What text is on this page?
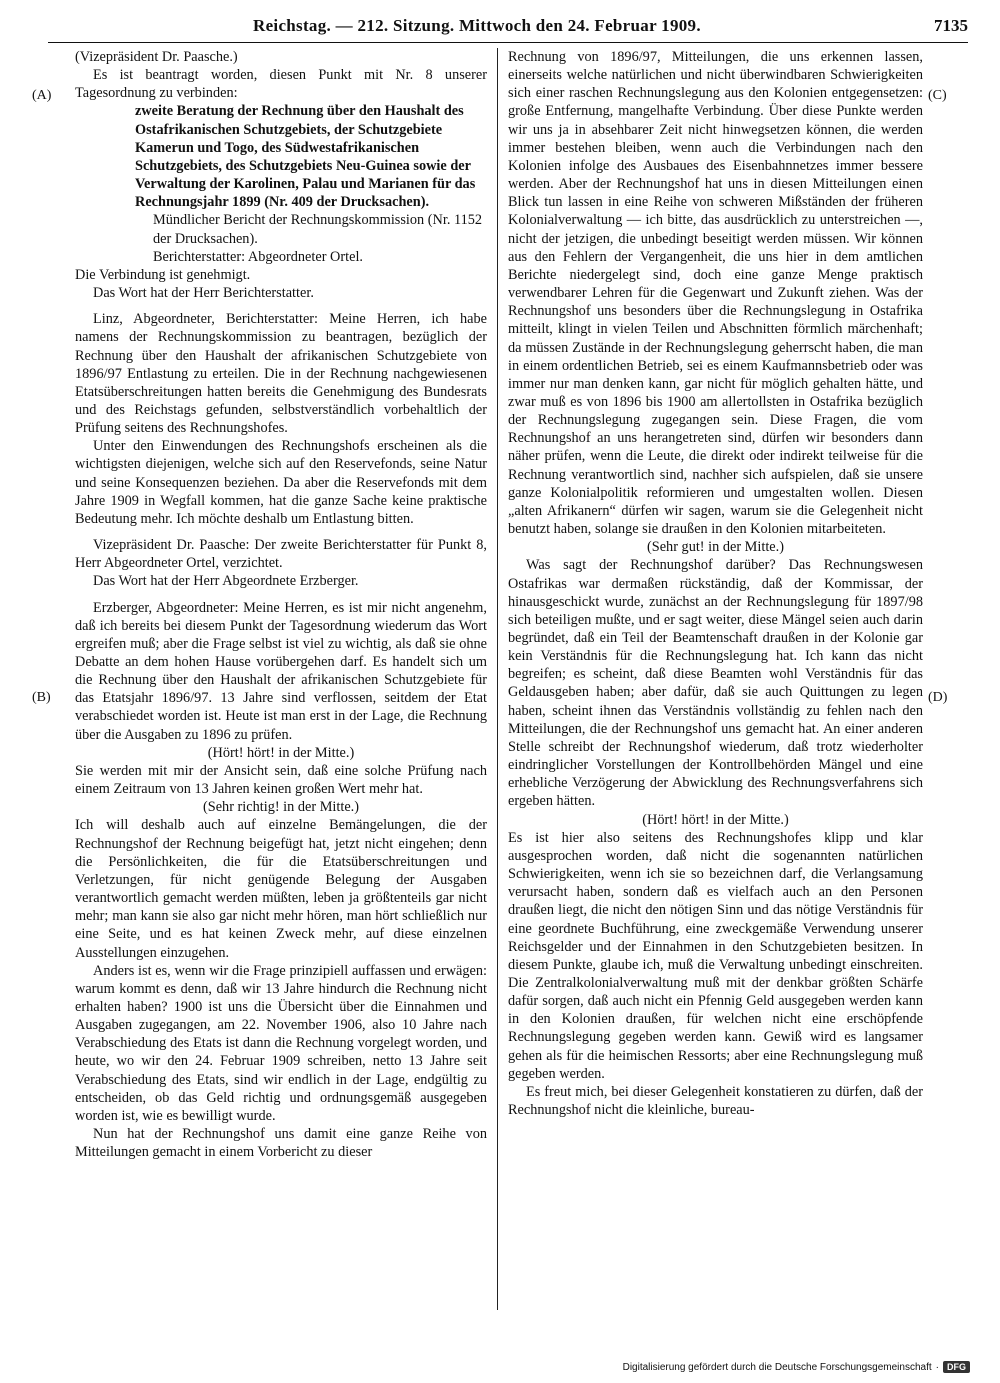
Reichstag. — 212. Sitzung. Mittwoch den 24. Februar 1909.	7135
(A)
(B)
(C)
(D)

(Vizepräsident Dr. Paasche.)

Es ist beantragt worden, diesen Punkt mit Nr. 8 unserer Tagesordnung zu verbinden:

zweite Beratung der Rechnung über den Haushalt des Ostafrikanischen Schutzgebiets, der Schutzgebiete Kamerun und Togo, des Südwestafrikanischen Schutzgebiets, des Schutzgebiets Neu-Guinea sowie der Verwaltung der Karolinen, Palau und Marianen für das Rechnungsjahr 1899 (Nr. 409 der Drucksachen).

Mündlicher Bericht der Rechnungskommission (Nr. 1152 der Drucksachen).

Berichterstatter: Abgeordneter Ortel.

Die Verbindung ist genehmigt.

Das Wort hat der Herr Berichterstatter.

Linz, Abgeordneter, Berichterstatter: Meine Herren, ich habe namens der Rechnungskommission zu beantragen, bezüglich der Rechnung über den Haushalt der afrikanischen Schutzgebiete von 1896/97 Entlastung zu erteilen. Die in der Rechnung nachgewiesenen Etatsüberschreitungen hatten bereits die Genehmigung des Bundesrats und des Reichstags gefunden, selbstverständlich vorbehaltlich der Prüfung seitens des Rechnungshofes.

Unter den Einwendungen des Rechnungshofs erscheinen als die wichtigsten diejenigen, welche sich auf den Reservefonds, seine Natur und seine Konsequenzen beziehen. Da aber die Reservefonds mit dem Jahre 1909 in Wegfall kommen, hat die ganze Sache keine praktische Bedeutung mehr. Ich möchte deshalb um Entlastung bitten.

Vizepräsident Dr. Paasche: Der zweite Berichterstatter für Punkt 8, Herr Abgeordneter Ortel, verzichtet.

Das Wort hat der Herr Abgeordnete Erzberger.

Erzberger, Abgeordneter: Meine Herren, es ist mir nicht angenehm, daß ich bereits bei diesem Punkt der Tagesordnung wiederum das Wort ergreifen muß; aber die Frage selbst ist viel zu wichtig, als daß sie ohne Debatte an dem hohen Hause vorübergehen darf. Es handelt sich um die Rechnung über den Haushalt der afrikanischen Schutzgebiete für das Etatsjahr 1896/97. 13 Jahre sind verflossen, seitdem der Etat verabschiedet worden ist. Heute ist man erst in der Lage, die Rechnung über die Ausgaben zu 1896 zu prüfen.

(Hört! hört! in der Mitte.)

Sie werden mit mir der Ansicht sein, daß eine solche Prüfung nach einem Zeitraum von 13 Jahren keinen großen Wert mehr hat.

(Sehr richtig! in der Mitte.)

Ich will deshalb auch auf einzelne Bemängelungen, die der Rechnungshof der Rechnung beigefügt hat, jetzt nicht eingehen; denn die Persönlichkeiten, die für die Etatsüberschreitungen und Verletzungen, für nicht genügende Belegung der Ausgaben verantwortlich gemacht werden müßten, leben ja größtenteils gar nicht mehr; man kann sie also gar nicht mehr hören, man hört schließlich nur eine Seite, und es hat keinen Zweck mehr, auf diese einzelnen Ausstellungen einzugehen.

Anders ist es, wenn wir die Frage prinzipiell auffassen und erwägen: warum kommt es denn, daß wir 13 Jahre hindurch die Rechnung nicht erhalten haben? 1900 ist uns die Übersicht über die Einnahmen und Ausgaben zugegangen, am 22. November 1906, also 10 Jahre nach Verabschiedung des Etats ist dann die Rechnung vorgelegt worden, und heute, wo wir den 24. Februar 1909 schreiben, netto 13 Jahre seit Verabschiedung des Etats, sind wir endlich in der Lage, endgültig zu entscheiden, ob das Geld richtig und ordnungsgemäß ausgegeben worden ist, wie es bewilligt wurde.

Nun hat der Rechnungshof uns damit eine ganze Reihe von Mitteilungen gemacht in einem Vorbericht zu dieser

Rechnung von 1896/97, Mitteilungen, die uns erkennen lassen, einerseits welche natürlichen und nicht überwindbaren Schwierigkeiten sich einer raschen Rechnungslegung aus den Kolonien entgegensetzen: große Entfernung, mangelhafte Verbindung. Über diese Punkte werden wir uns ja in absehbarer Zeit nicht hinwegsetzen können, die werden immer bestehen bleiben, wenn auch die Verbindungen nach den Kolonien infolge des Ausbaues des Eisenbahnnetzes immer bessere werden. Aber der Rechnungshof hat uns in diesen Mitteilungen einen Blick tun lassen in eine Reihe von schweren Mißständen der früheren Kolonialverwaltung — ich bitte, das ausdrücklich zu unterstreichen —, nicht der jetzigen, die unbedingt beseitigt werden müssen. Wir können aus den Fehlern der Vergangenheit, die uns hier in dem amtlichen Berichte niedergelegt sind, doch eine ganze Menge praktisch verwendbarer Lehren für die Gegenwart und Zukunft ziehen. Was der Rechnungshof uns besonders über die Rechnungslegung in Ostafrika mitteilt, klingt in vielen Teilen und Abschnitten förmlich märchenhaft; da müssen Zustände in der Rechnungslegung geherrscht haben, die man in einem ordentlichen Betrieb, sei es einem Kaufmannsbetrieb oder was immer nur man denken kann, gar nicht für möglich gehalten hätte, und zwar muß es von 1896 bis 1900 am allertollsten in Ostafrika bezüglich der Rechnungslegung zugegangen sein. Diese Fragen, die vom Rechnungshof an uns herangetreten sind, dürfen wir besonders dann näher prüfen, wenn die Leute, die direkt oder indirekt teilweise für die Rechnung verantwortlich sind, nachher sich aufspielen, daß sie unsere ganze Kolonialpolitik reformieren und umgestalten wollen. Diesen „alten Afrikanern“ dürfen wir sagen, warum sie die Gelegenheit nicht benutzt haben, solange sie draußen in den Kolonien mitarbeiteten.

(Sehr gut! in der Mitte.)

Was sagt der Rechnungshof darüber? Das Rechnungswesen Ostafrikas war dermaßen rückständig, daß der Kommissar, der hinausgeschickt wurde, zunächst an der Rechnungslegung für 1897/98 sich beteiligen mußte, und er sagt weiter, diese Mängel seien auch darin begründet, daß ein Teil der Beamtenschaft draußen in der Kolonie gar kein Verständnis für die Rechnungslegung hat. Ich kann das nicht begreifen; es scheint, daß diese Beamten wohl Verständnis für das Geldausgeben haben; aber dafür, daß sie auch Quittungen zu legen haben, scheint ihnen das Verständnis vollständig zu fehlen nach den Mitteilungen, die der Rechnungshof uns gemacht hat. An einer anderen Stelle schreibt der Rechnungshof wiederum, daß trotz wiederholter eindringlicher Vorstellungen der Kontrollbehörden Mängel und eine erhebliche Verzögerung der Abwicklung des Rechnungsverfahrens sich ergeben hätten.

(Hört! hört! in der Mitte.)

Es ist hier also seitens des Rechnungshofes klipp und klar ausgesprochen worden, daß nicht die sogenannten natürlichen Schwierigkeiten, wenn ich sie so bezeichnen darf, die Verlangsamung verursacht haben, sondern daß es vielfach auch an den Personen draußen liegt, die nicht den nötigen Sinn und das nötige Verständnis für eine geordnete Buchführung, eine zweckgemäße Verwendung unserer Reichsgelder und der Einnahmen in den Schutzgebieten besitzen. In diesem Punkte, glaube ich, muß die Verwaltung unbedingt einschreiten. Die Zentralkolonialverwaltung muß mit der denkbar größten Schärfe dafür sorgen, daß auch nicht ein Pfennig Geld ausgegeben werden kann in den Kolonien draußen, für welchen nicht eine erschöpfende Rechnungslegung gegeben werden kann. Gewiß wird es langsamer gehen als für die heimischen Ressorts; aber eine Rechnungslegung muß gegeben werden.

Es freut mich, bei dieser Gelegenheit konstatieren zu dürfen, daß der Rechnungshof nicht die kleinliche, bureau-

Digitalisierung gefördert durch die Deutsche Forschungsgemeinschaft · DFG
